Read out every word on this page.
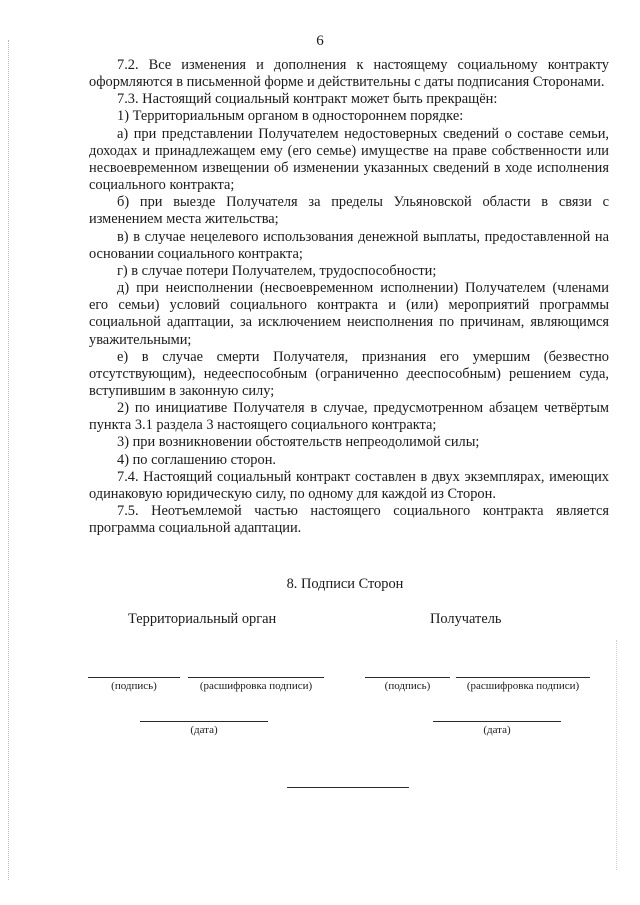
6

7.2. Все изменения и дополнения к настоящему социальному контракту оформляются в письменной форме и действительны с даты подписания Сторонами.

7.3. Настоящий социальный контракт может быть прекращён:

1) Территориальным органом в одностороннем порядке:

а) при представлении Получателем недостоверных сведений о составе семьи, доходах и принадлежащем ему (его семье) имуществе на праве собственности или несвоевременном извещении об изменении указанных сведений в ходе исполнения социального контракта;

б) при выезде Получателя за пределы Ульяновской области в связи с изменением места жительства;

в) в случае нецелевого использования денежной выплаты, предоставленной на основании социального контракта;

г) в случае потери Получателем, трудоспособности;

д) при неисполнении (несвоевременном исполнении) Получателем (членами его семьи) условий социального контракта и (или) мероприятий программы социальной адаптации, за исключением неисполнения по причинам, являющимся уважительными;

е) в случае смерти Получателя, признания его умершим (безвестно отсутствующим), недееспособным (ограниченно дееспособным) решением суда, вступившим в законную силу;

2) по инициативе Получателя в случае, предусмотренном абзацем четвёртым пункта 3.1 раздела 3 настоящего социального контракта;

3) при возникновении обстоятельств непреодолимой силы;

4) по соглашению сторон.

7.4. Настоящий социальный контракт составлен в двух экземплярах, имеющих одинаковую юридическую силу, по одному для каждой из Сторон.

7.5. Неотъемлемой частью настоящего социального контракта является программа социальной адаптации.

8. Подписи Сторон
Территориальный орган	Получатель
(подпись)	(расшифровка подписи)	(подпись)	(расшифровка подписи)
(дата)	(дата)
